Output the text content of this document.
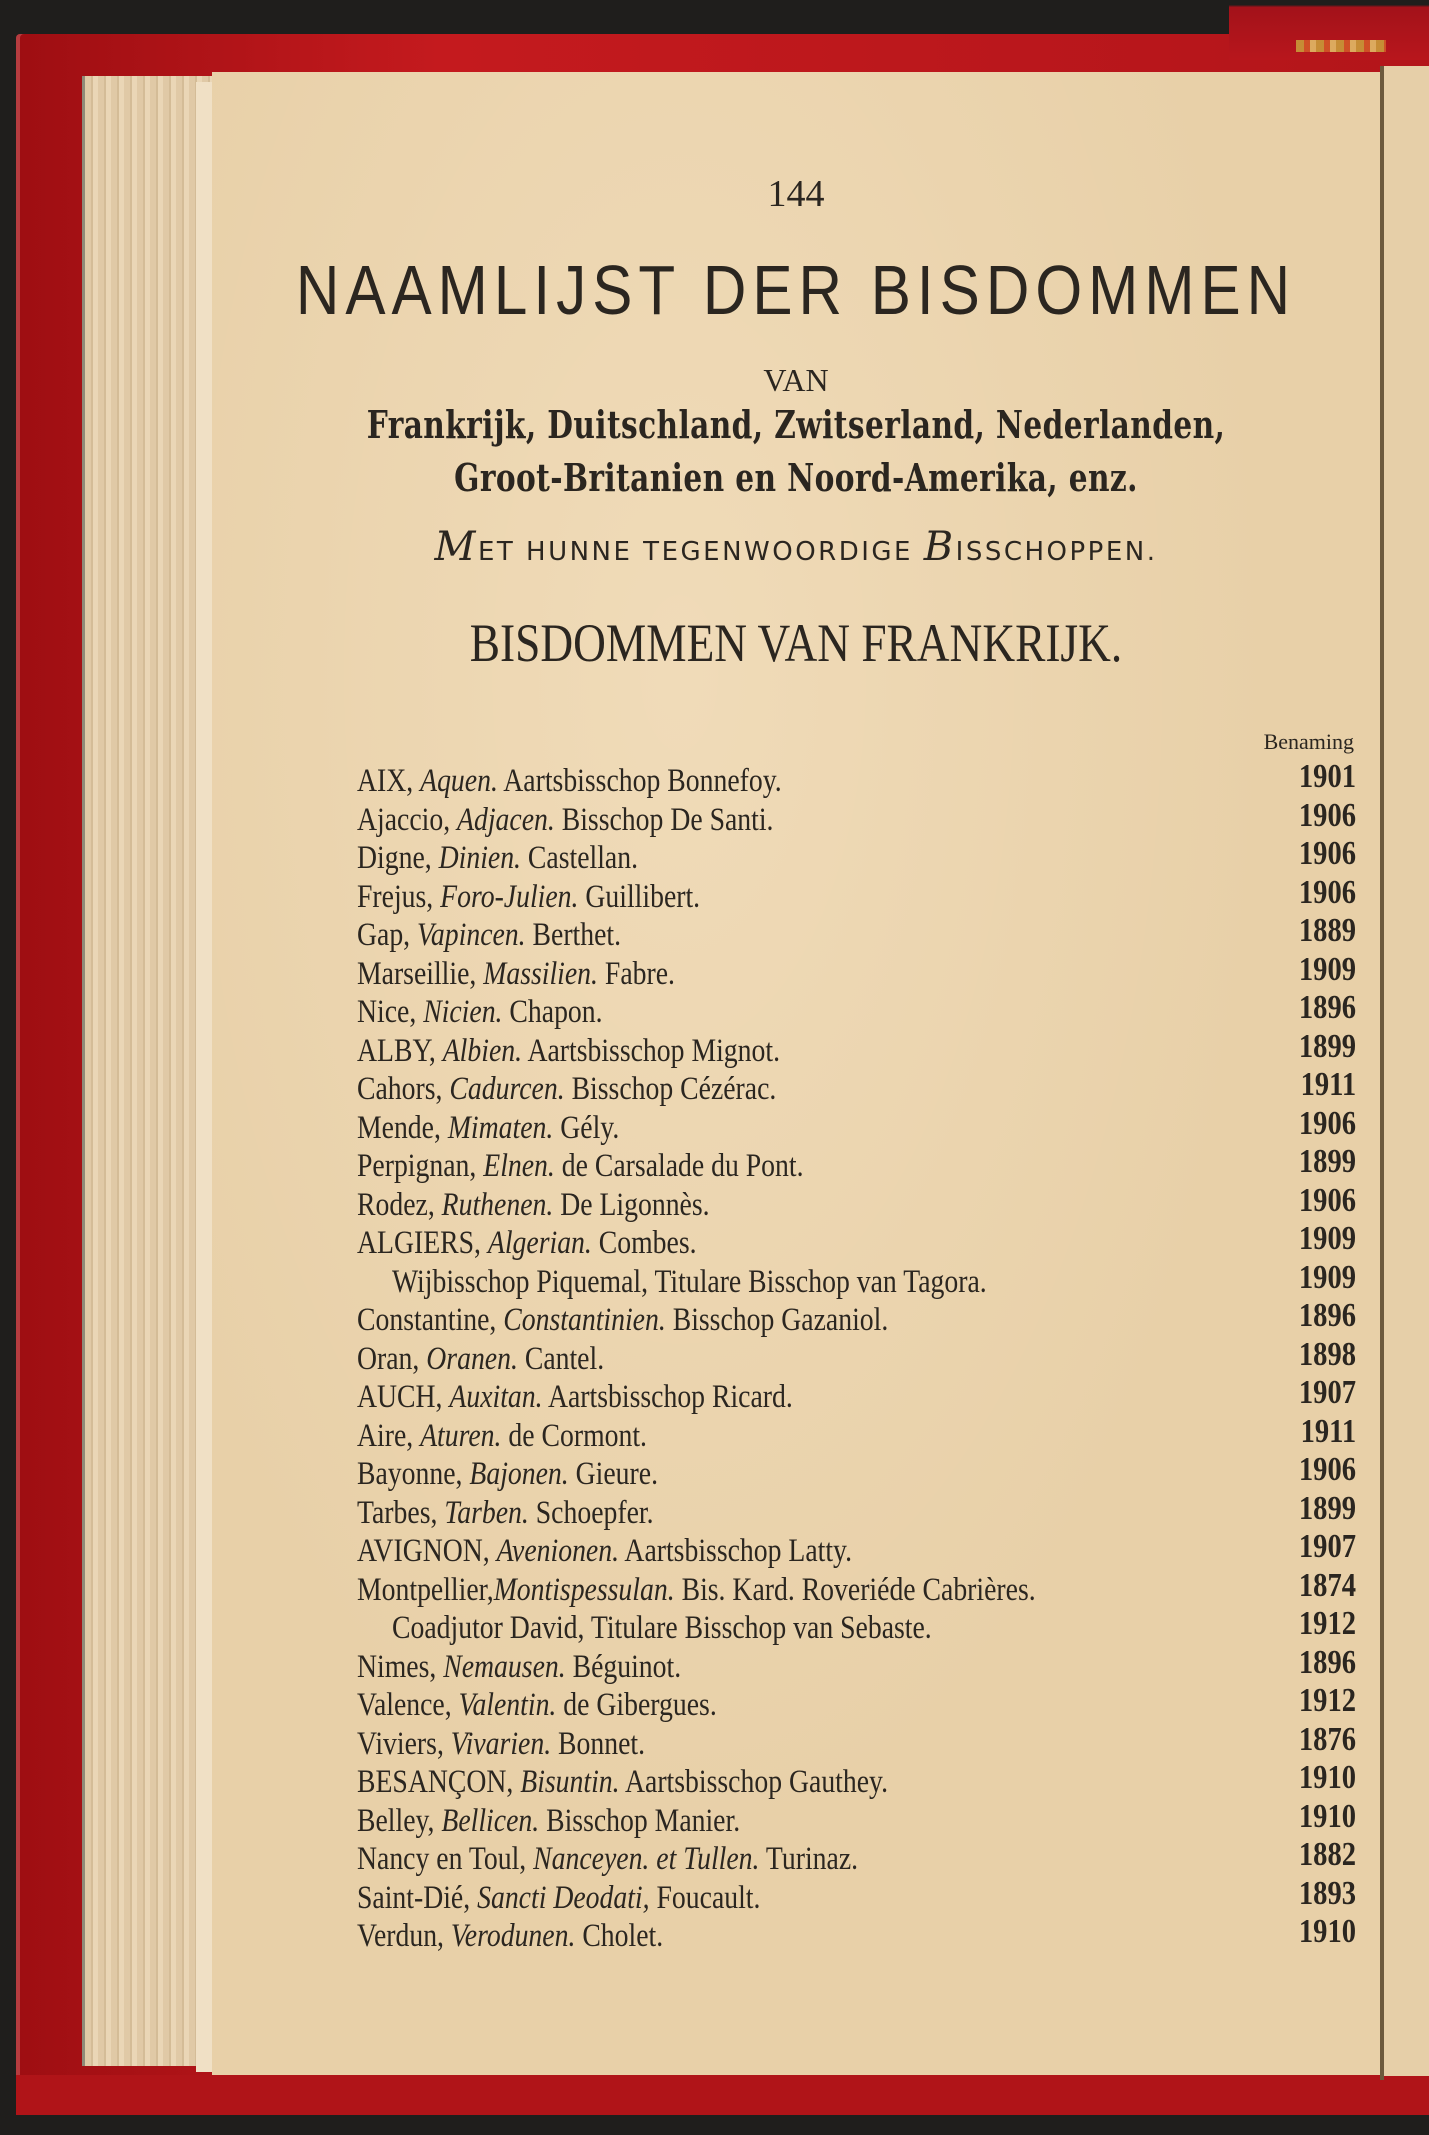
144
NAAMLIJST DER BISDOMMEN
VAN
Frankrijk, Duitschland, Zwitserland, Nederlanden,
Groot-Britanien en Noord-Amerika, enz.
MET HUNNE TEGENWOORDIGE BISSCHOPPEN.
BISDOMMEN VAN FRANKRIJK.
Benaming
AIX, Aquen. Aartsbisschop Bonnefoy.	1901
Ajaccio, Adjacen. Bisschop De Santi.	1906
Digne, Dinien. Castellan.	1906
Frejus, Foro-Julien. Guillibert.	1906
Gap, Vapincen. Berthet.	1889
Marseillie, Massilien. Fabre.	1909
Nice, Nicien. Chapon.	1896
ALBY, Albien. Aartsbisschop Mignot.	1899
Cahors, Cadurcen. Bisschop Cézérac.	1911
Mende, Mimaten. Gély.	1906
Perpignan, Elnen. de Carsalade du Pont.	1899
Rodez, Ruthenen. De Ligonnès.	1906
ALGIERS, Algerian. Combes.	1909
Wijbisschop Piquemal, Titulare Bisschop van Tagora.	1909
Constantine, Constantinien. Bisschop Gazaniol.	1896
Oran, Oranen. Cantel.	1898
AUCH, Auxitan. Aartsbisschop Ricard.	1907
Aire, Aturen. de Cormont.	1911
Bayonne, Bajonen. Gieure.	1906
Tarbes, Tarben. Schoepfer.	1899
AVIGNON, Avenionen. Aartsbisschop Latty.	1907
Montpellier,Montispessulan. Bis. Kard. Roveriéde Cabrières.	1874
Coadjutor David, Titulare Bisschop van Sebaste.	1912
Nimes, Nemausen. Béguinot.	1896
Valence, Valentin. de Gibergues.	1912
Viviers, Vivarien. Bonnet.	1876
BESANÇON, Bisuntin. Aartsbisschop Gauthey.	1910
Belley, Bellicen. Bisschop Manier.	1910
Nancy en Toul, Nanceyen. et Tullen. Turinaz.	1882
Saint-Dié, Sancti Deodati, Foucault.	1893
Verdun, Verodunen. Cholet.	1910
